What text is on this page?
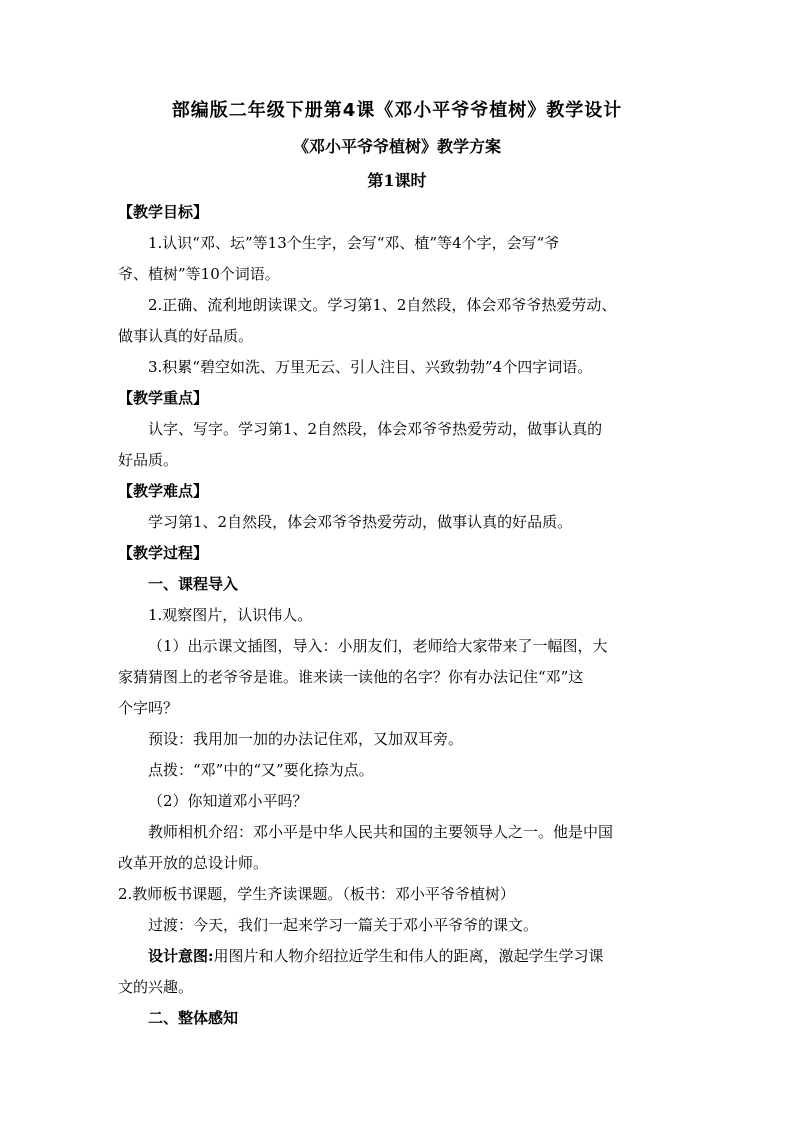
部编版二年级下册第4课《邓小平爷爷植树》教学设计
《邓小平爷爷植树》教学方案
第1课时
【教学目标】
1.认识“邓、坛”等13个生字，会写“邓、植”等4个字，会写“爷
爷、植树”等10个词语。
2.正确、流利地朗读课文。学习第1、2自然段，体会邓爷爷热爱劳动、
做事认真的好品质。
3.积累“碧空如洗、万里无云、引人注目、兴致勃勃”4个四字词语。
【教学重点】
认字、写字。学习第1、2自然段，体会邓爷爷热爱劳动，做事认真的
好品质。
【教学难点】
学习第1、2自然段，体会邓爷爷热爱劳动，做事认真的好品质。
【教学过程】
一、课程导入
1.观察图片，认识伟人。
（1）出示课文插图，导入：小朋友们，老师给大家带来了一幅图，大
家猜猜图上的老爷爷是谁。谁来读一读他的名字？你有办法记住“邓”这
个字吗？
预设：我用加一加的办法记住邓，又加双耳旁。
点拨：“邓”中的“又”要化捺为点。
（2）你知道邓小平吗？
教师相机介绍：邓小平是中华人民共和国的主要领导人之一。他是中国
改革开放的总设计师。
2.教师板书课题，学生齐读课题。（板书：邓小平爷爷植树）
过渡：今天，我们一起来学习一篇关于邓小平爷爷的课文。
设计意图:用图片和人物介绍拉近学生和伟人的距离，激起学生学习课
文的兴趣。
二、整体感知
